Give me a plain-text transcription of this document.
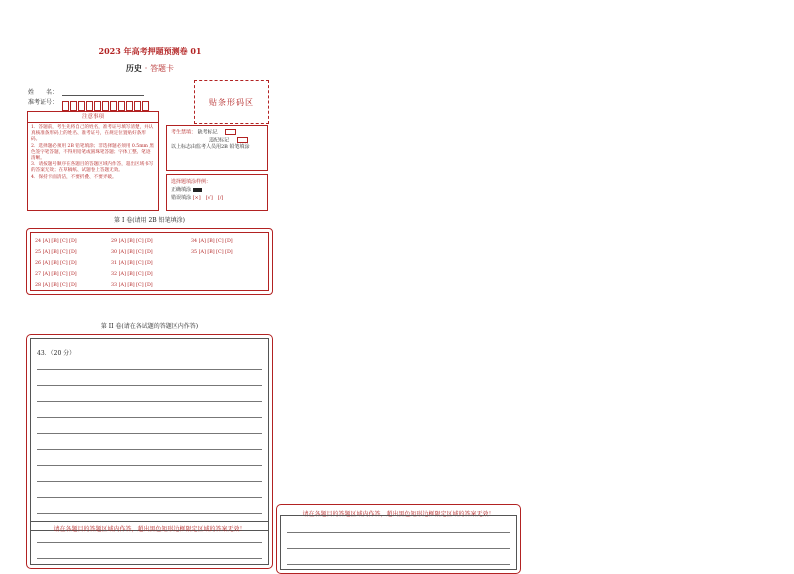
2023 年高考押题预测卷 01
历史 · 答题卡
姓　　名：
准考证号：	贴条形码区
注意事项
1．答题前，考生先将自己的姓名，准考证号填写清楚，并认真核准条形码上的姓名、准考证号，在规定位置贴好条形码。
2．选择题必须用 2B 铅笔填涂；非选择题必须用 0.5mm 黑色签字笔答题，不得用铅笔或圆珠笔答题；字体工整、笔迹清晰。
3．请按题号顺序在各题目的答题区域内作答，超出区域书写的答案无效；在草稿纸、试题卷上答题无效。
4．保持卡面清洁，不要折叠、不要弄破。
考生禁填： 缺考标记
违纪标记
以上标志由监考人员用2B 铅笔填涂
选择题填涂样例：
正确填涂
错误填涂 [×]　[√]　[/]
第 I 卷(请用 2B 铅笔填涂)
24 [A] [B] [C] [D]
25 [A] [B] [C] [D]
26 [A] [B] [C] [D]
27 [A] [B] [C] [D]
28 [A] [B] [C] [D]
29 [A] [B] [C] [D]
30 [A] [B] [C] [D]
31 [A] [B] [C] [D]
32 [A] [B] [C] [D]
33 [A] [B] [C] [D]
34 [A] [B] [C] [D]
35 [A] [B] [C] [D]
第 II 卷(请在各试题的答题区内作答)
43．（20 分）
请在各题目的答题区域内作答，超出黑色矩形边框限定区域的答案无效！
请在各题目的答题区域内作答，超出黑色矩形边框限定区域的答案无效！
